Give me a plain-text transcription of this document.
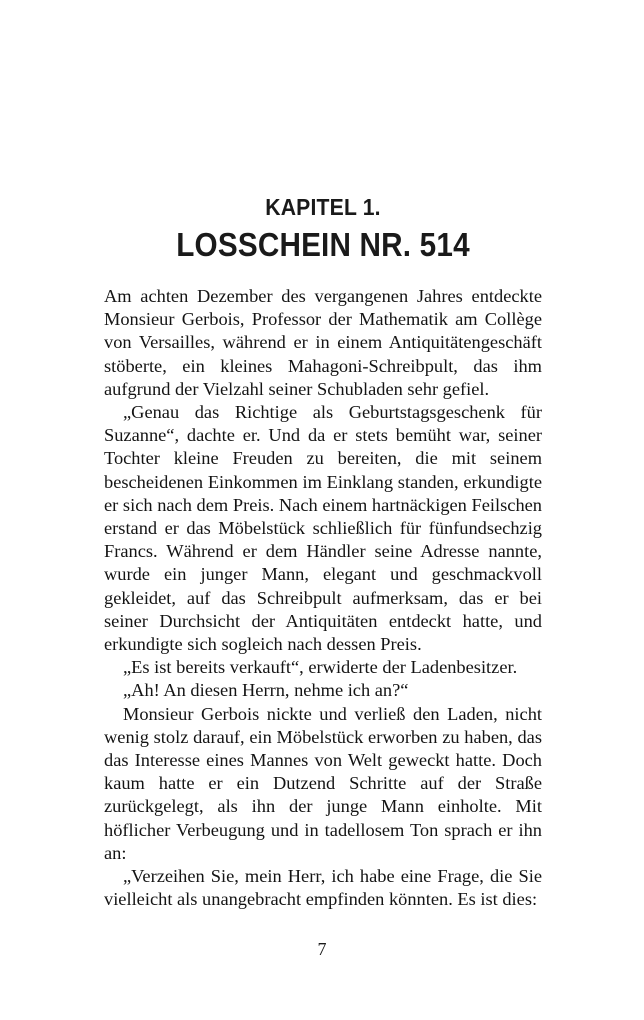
KAPITEL 1.
LOSSCHEIN NR. 514

Am achten Dezember des vergangenen Jahres entdeckte Monsieur Gerbois, Professor der Mathematik am Collège von Versailles, während er in einem Antiquitätengeschäft stöberte, ein kleines Mahagoni-Schreibpult, das ihm aufgrund der Vielzahl seiner Schubladen sehr gefiel.

„Genau das Richtige als Geburtstagsgeschenk für Suzanne“, dachte er. Und da er stets bemüht war, seiner Tochter kleine Freuden zu bereiten, die mit seinem bescheidenen Einkommen im Einklang standen, erkundigte er sich nach dem Preis. Nach einem hartnäckigen Feilschen erstand er das Möbelstück schließlich für fünfundsechzig Francs. Während er dem Händler seine Adresse nannte, wurde ein junger Mann, elegant und geschmackvoll gekleidet, auf das Schreibpult aufmerksam, das er bei seiner Durchsicht der Antiquitäten entdeckt hatte, und erkundigte sich sogleich nach dessen Preis.

„Es ist bereits verkauft“, erwiderte der Ladenbesitzer.

„Ah! An diesen Herrn, nehme ich an?“

Monsieur Gerbois nickte und verließ den Laden, nicht wenig stolz darauf, ein Möbelstück erworben zu haben, das das Interesse eines Mannes von Welt geweckt hatte. Doch kaum hatte er ein Dutzend Schritte auf der Straße zurückgelegt, als ihn der junge Mann einholte. Mit höflicher Verbeugung und in tadellosem Ton sprach er ihn an:

„Verzeihen Sie, mein Herr, ich habe eine Frage, die Sie vielleicht als unangebracht empfinden könnten. Es ist dies:

7
